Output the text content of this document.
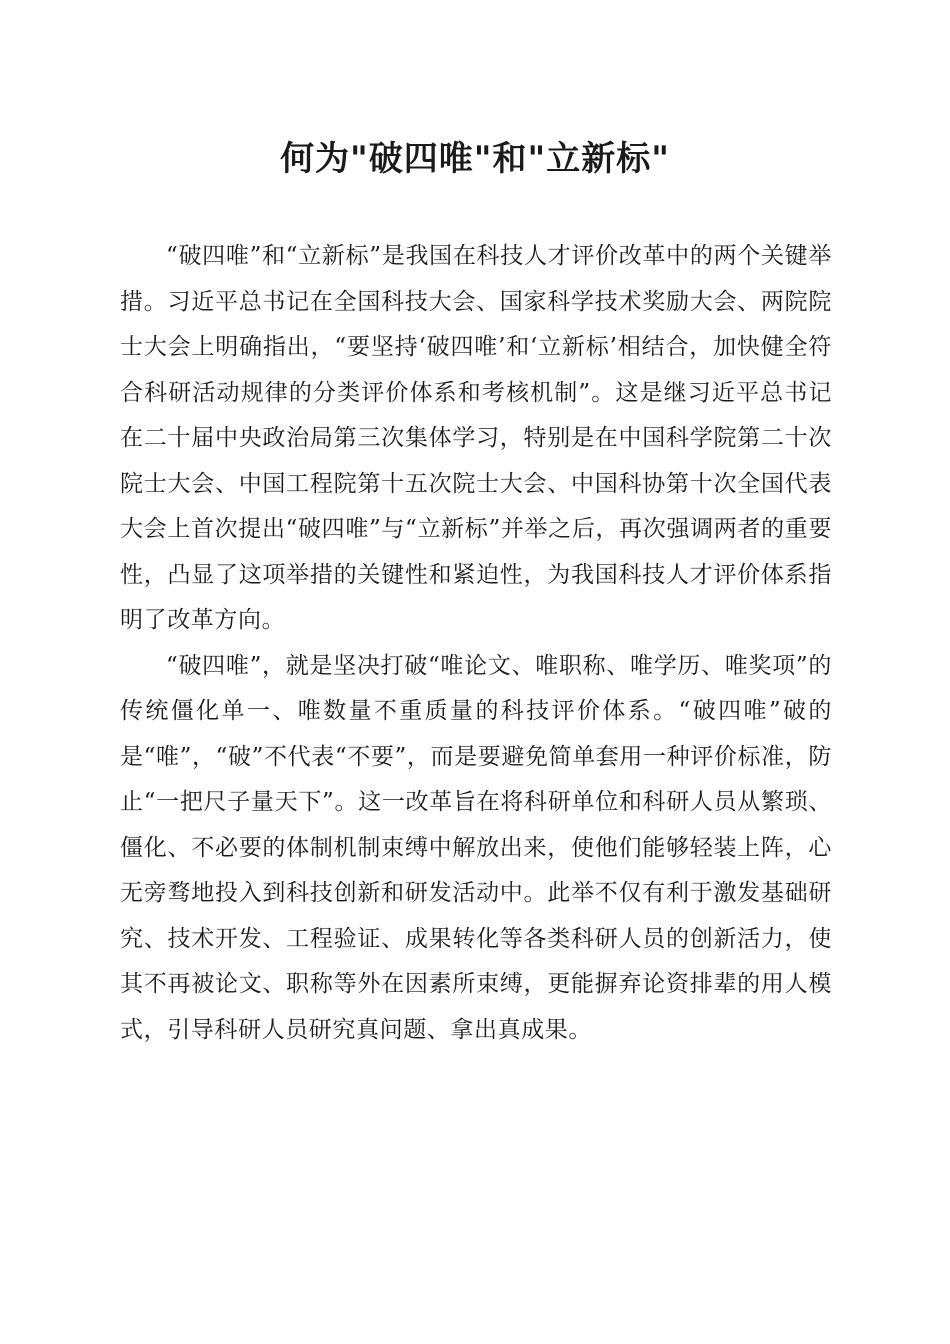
何为"破四唯"和"立新标"

“破四唯”和“立新标”是我国在科技人才评价改革中的两个关键举措。习近平总书记在全国科技大会、国家科学技术奖励大会、两院院士大会上明确指出，“要坚持‘破四唯’和‘立新标’相结合，加快健全符合科研活动规律的分类评价体系和考核机制”。这是继习近平总书记在二十届中央政治局第三次集体学习，特别是在中国科学院第二十次院士大会、中国工程院第十五次院士大会、中国科协第十次全国代表大会上首次提出“破四唯”与“立新标”并举之后，再次强调两者的重要性，凸显了这项举措的关键性和紧迫性，为我国科技人才评价体系指明了改革方向。

“破四唯”，就是坚决打破“唯论文、唯职称、唯学历、唯奖项”的传统僵化单一、唯数量不重质量的科技评价体系。“破四唯”破的是“唯”，“破”不代表“不要”，而是要避免简单套用一种评价标准，防止“一把尺子量天下”。这一改革旨在将科研单位和科研人员从繁琐、僵化、不必要的体制机制束缚中解放出来，使他们能够轻装上阵，心无旁骛地投入到科技创新和研发活动中。此举不仅有利于激发基础研究、技术开发、工程验证、成果转化等各类科研人员的创新活力，使其不再被论文、职称等外在因素所束缚，更能摒弃论资排辈的用人模式，引导科研人员研究真问题、拿出真成果。
